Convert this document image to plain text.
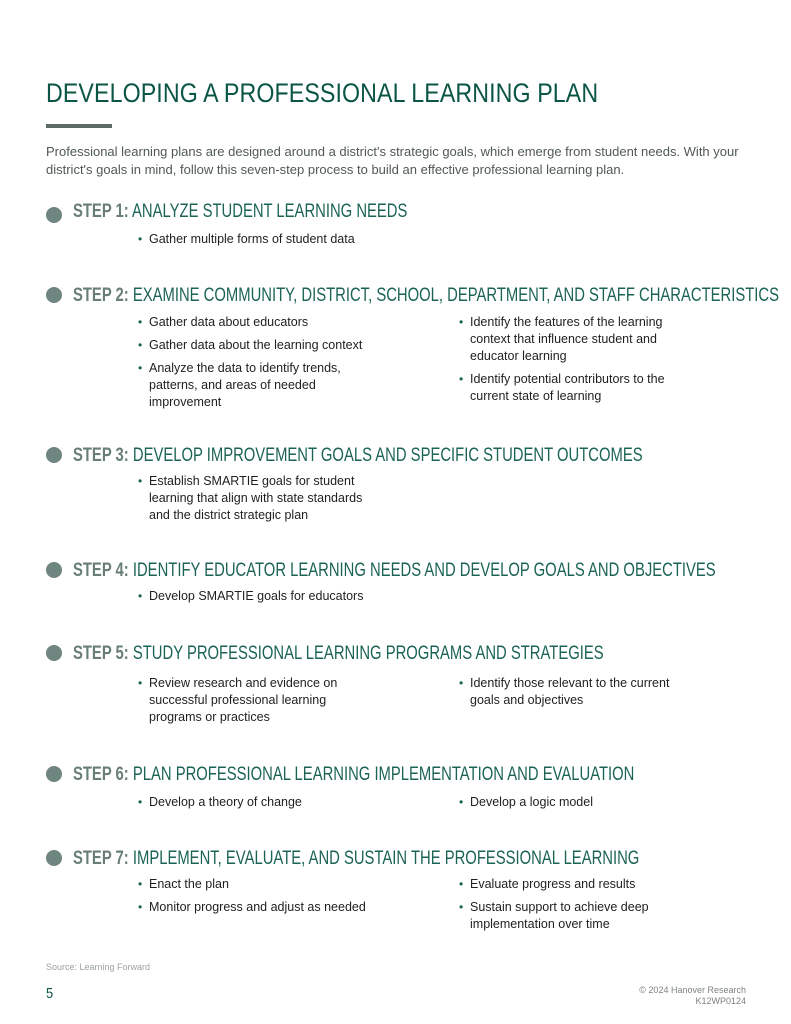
DEVELOPING A PROFESSIONAL LEARNING PLAN

Professional learning plans are designed around a district's strategic goals, which emerge from student needs. With your district's goals in mind, follow this seven-step process to build an effective professional learning plan.

STEP 1: ANALYZE STUDENT LEARNING NEEDS
• Gather multiple forms of student data
STEP 2: EXAMINE COMMUNITY, DISTRICT, SCHOOL, DEPARTMENT, AND STAFF CHARACTERISTICS
• Gather data about educators
• Gather data about the learning context
• Analyze the data to identify trends, patterns, and areas of needed improvement
• Identify the features of the learning context that influence student and educator learning
• Identify potential contributors to the current state of learning
STEP 3: DEVELOP IMPROVEMENT GOALS AND SPECIFIC STUDENT OUTCOMES
• Establish SMARTIE goals for student learning that align with state standards and the district strategic plan
STEP 4: IDENTIFY EDUCATOR LEARNING NEEDS AND DEVELOP GOALS AND OBJECTIVES
• Develop SMARTIE goals for educators
STEP 5: STUDY PROFESSIONAL LEARNING PROGRAMS AND STRATEGIES
• Review research and evidence on successful professional learning programs or practices
• Identify those relevant to the current goals and objectives
STEP 6: PLAN PROFESSIONAL LEARNING IMPLEMENTATION AND EVALUATION
• Develop a theory of change	• Develop a logic model
STEP 7: IMPLEMENT, EVALUATE, AND SUSTAIN THE PROFESSIONAL LEARNING
• Enact the plan
• Monitor progress and adjust as needed
• Evaluate progress and results
• Sustain support to achieve deep implementation over time
Source: Learning Forward
5	© 2024 Hanover Research
K12WP0124
